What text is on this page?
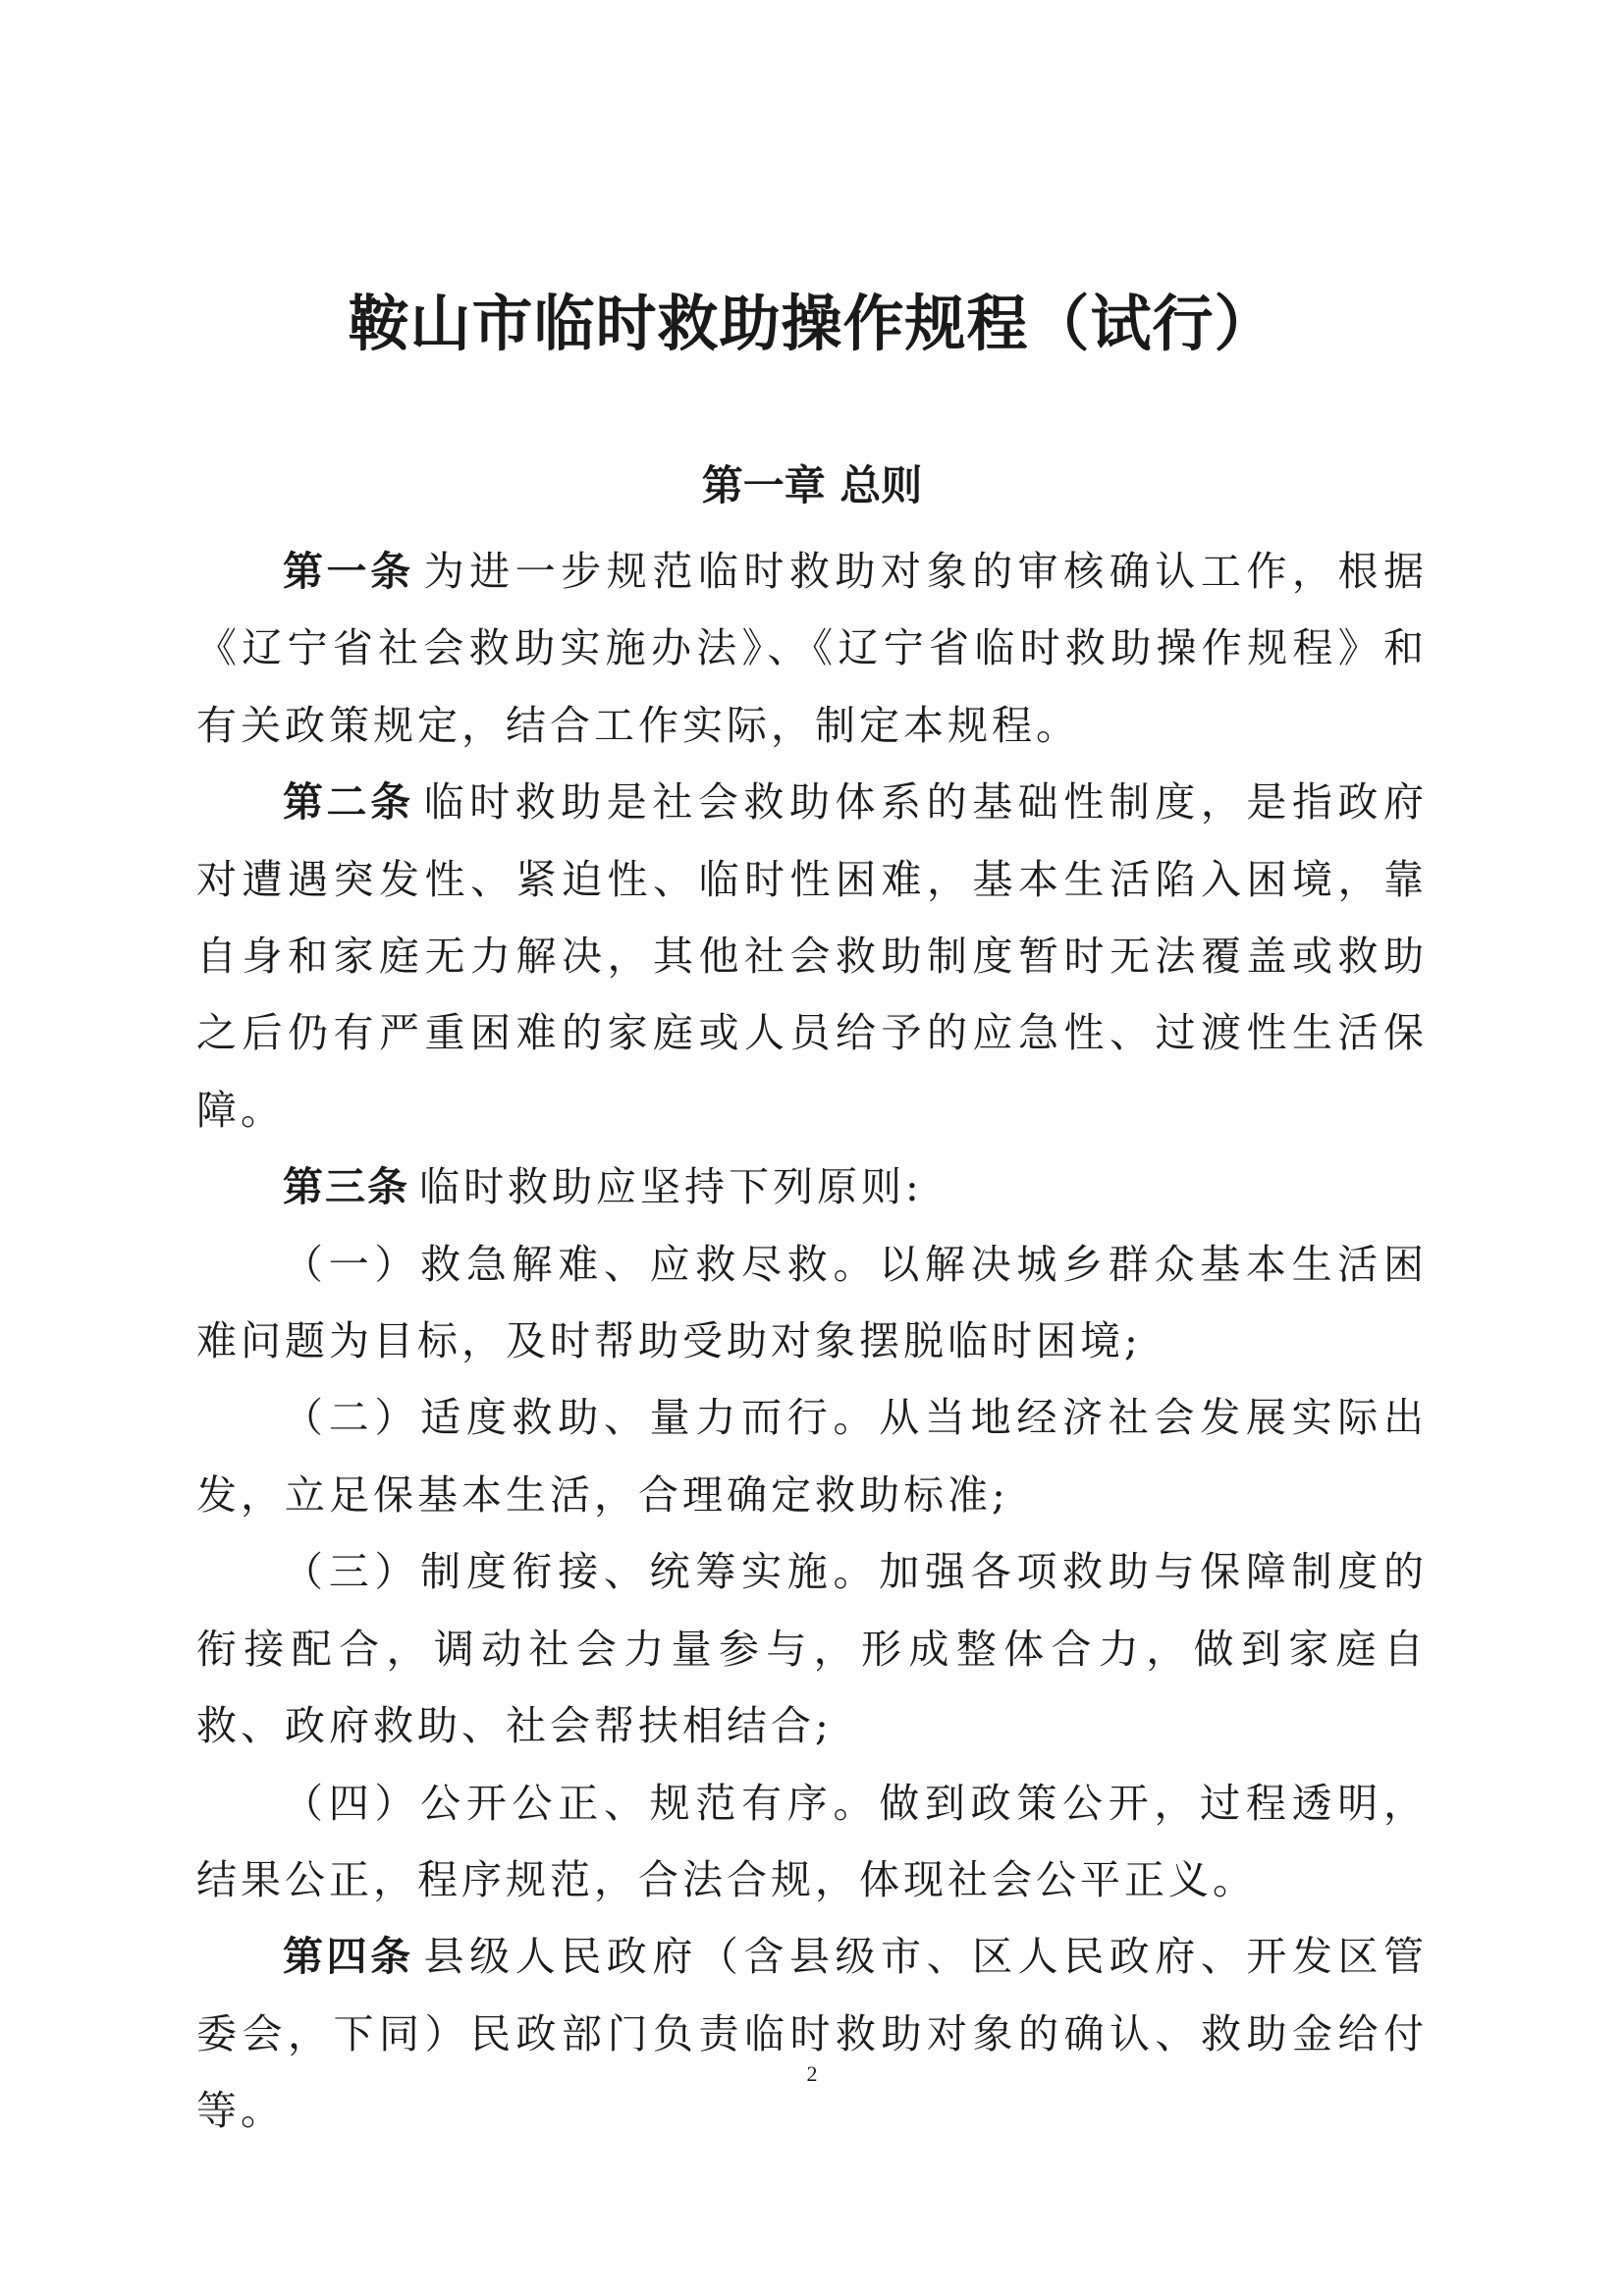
鞍山市临时救助操作规程（试行）
第一章 总则

第一条 为进一步规范临时救助对象的审核确认工作，根据《辽宁省社会救助实施办法》、《辽宁省临时救助操作规程》和有关政策规定，结合工作实际，制定本规程。

第二条 临时救助是社会救助体系的基础性制度，是指政府对遭遇突发性、紧迫性、临时性困难，基本生活陷入困境，靠自身和家庭无力解决，其他社会救助制度暂时无法覆盖或救助之后仍有严重困难的家庭或人员给予的应急性、过渡性生活保障。

第三条 临时救助应坚持下列原则:

（一）救急解难、应救尽救。以解决城乡群众基本生活困难问题为目标，及时帮助受助对象摆脱临时困境;

（二）适度救助、量力而行。从当地经济社会发展实际出发，立足保基本生活，合理确定救助标准;

（三）制度衔接、统筹实施。加强各项救助与保障制度的衔接配合，调动社会力量参与，形成整体合力，做到家庭自救、政府救助、社会帮扶相结合;

（四）公开公正、规范有序。做到政策公开，过程透明，结果公正，程序规范，合法合规，体现社会公平正义。

第四条 县级人民政府（含县级市、区人民政府、开发区管委会，下同）民政部门负责临时救助对象的确认、救助金给付等。

2
